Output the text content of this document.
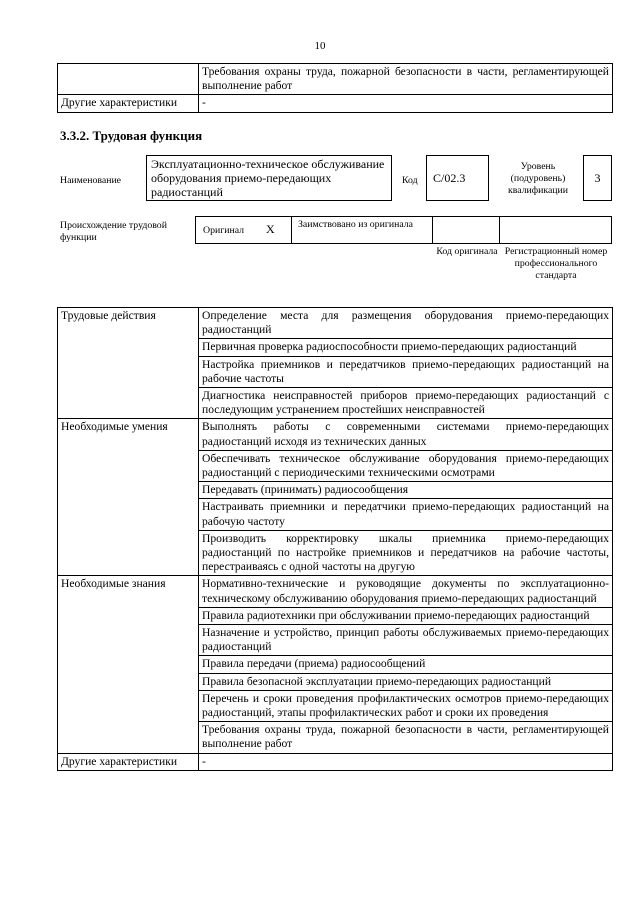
10
	Требования охраны труда, пожарной безопасности в части, регламентирующей выполнение работ
Другие характеристики	-
3.3.2. Трудовая функция
Наименование
Эксплуатационно-техническое обслуживание оборудования приемо-передающих радиостанций
Код	C/02.3
Уровень (подуровень) квалификации
3
Происхождение трудовой функции
Оригинал X Заимствовано из оригинала
Код оригинала Регистрационный номер профессионального стандарта
Трудовые действия	Определение места для размещения оборудования приемо-передающих радиостанций
	Первичная проверка радиоспособности приемо-передающих радиостанций
	Настройка приемников и передатчиков приемо-передающих радиостанций на рабочие частоты
	Диагностика неисправностей приборов приемо-передающих радиостанций с последующим устранением простейших неисправностей
Необходимые умения	Выполнять работы с современными системами приемо-передающих радиостанций исходя из технических данных
	Обеспечивать техническое обслуживание оборудования приемо-передающих радиостанций с периодическими техническими осмотрами
	Передавать (принимать) радиосообщения
	Настраивать приемники и передатчики приемо-передающих радиостанций на рабочую частоту
	Производить корректировку шкалы приемника приемо-передающих радиостанций по настройке приемников и передатчиков на рабочие частоты, перестраиваясь с одной частоты на другую
Необходимые знания	Нормативно-технические и руководящие документы по эксплуатационно-техническому обслуживанию оборудования приемо-передающих радиостанций
	Правила радиотехники при обслуживании приемо-передающих радиостанций
	Назначение и устройство, принцип работы обслуживаемых приемо-передающих радиостанций
	Правила передачи (приема) радиосообщений
	Правила безопасной эксплуатации приемо-передающих радиостанций
	Перечень и сроки проведения профилактических осмотров приемо-передающих радиостанций, этапы профилактических работ и сроки их проведения
	Требования охраны труда, пожарной безопасности в части, регламентирующей выполнение работ
Другие характеристики	-
